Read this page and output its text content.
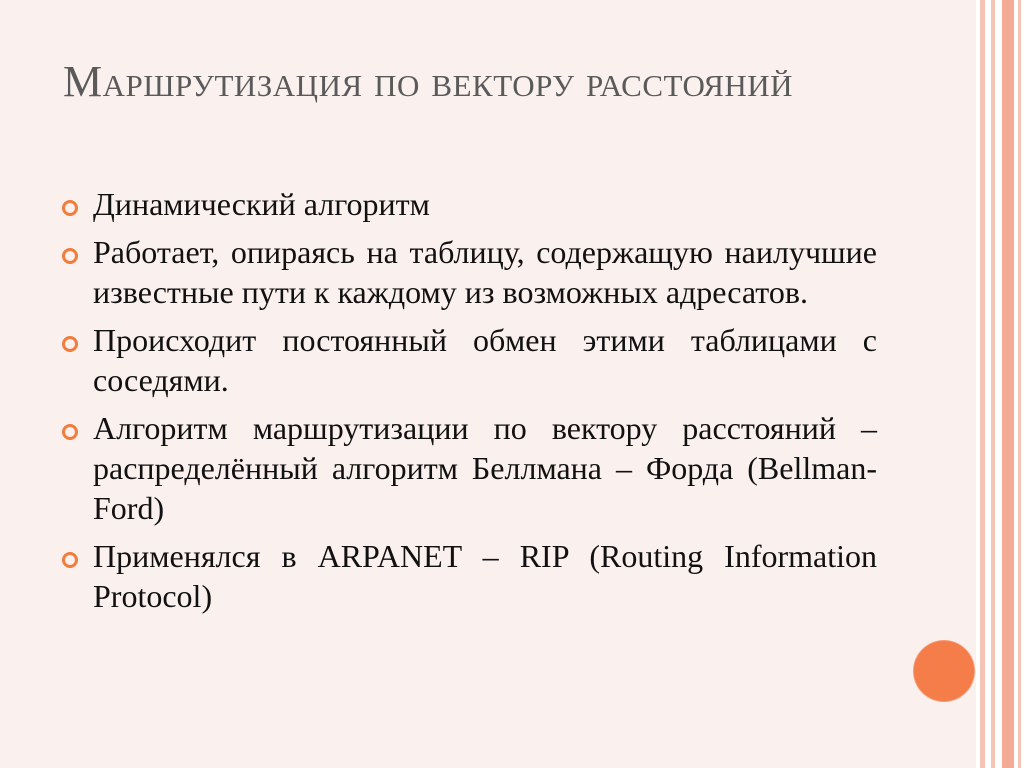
Маршрутизация по вектору расстояний
Динамический алгоритм
Работает, опираясь на таблицу, содержащую наилучшие известные пути к каждому из возможных адресатов.
Происходит постоянный обмен этими таблицами с соседями.
Алгоритм маршрутизации по вектору расстояний – распределённый алгоритм Беллмана – Форда (Bellman-Ford)
Применялся в ARPANET – RIP (Routing Information Protocol)
